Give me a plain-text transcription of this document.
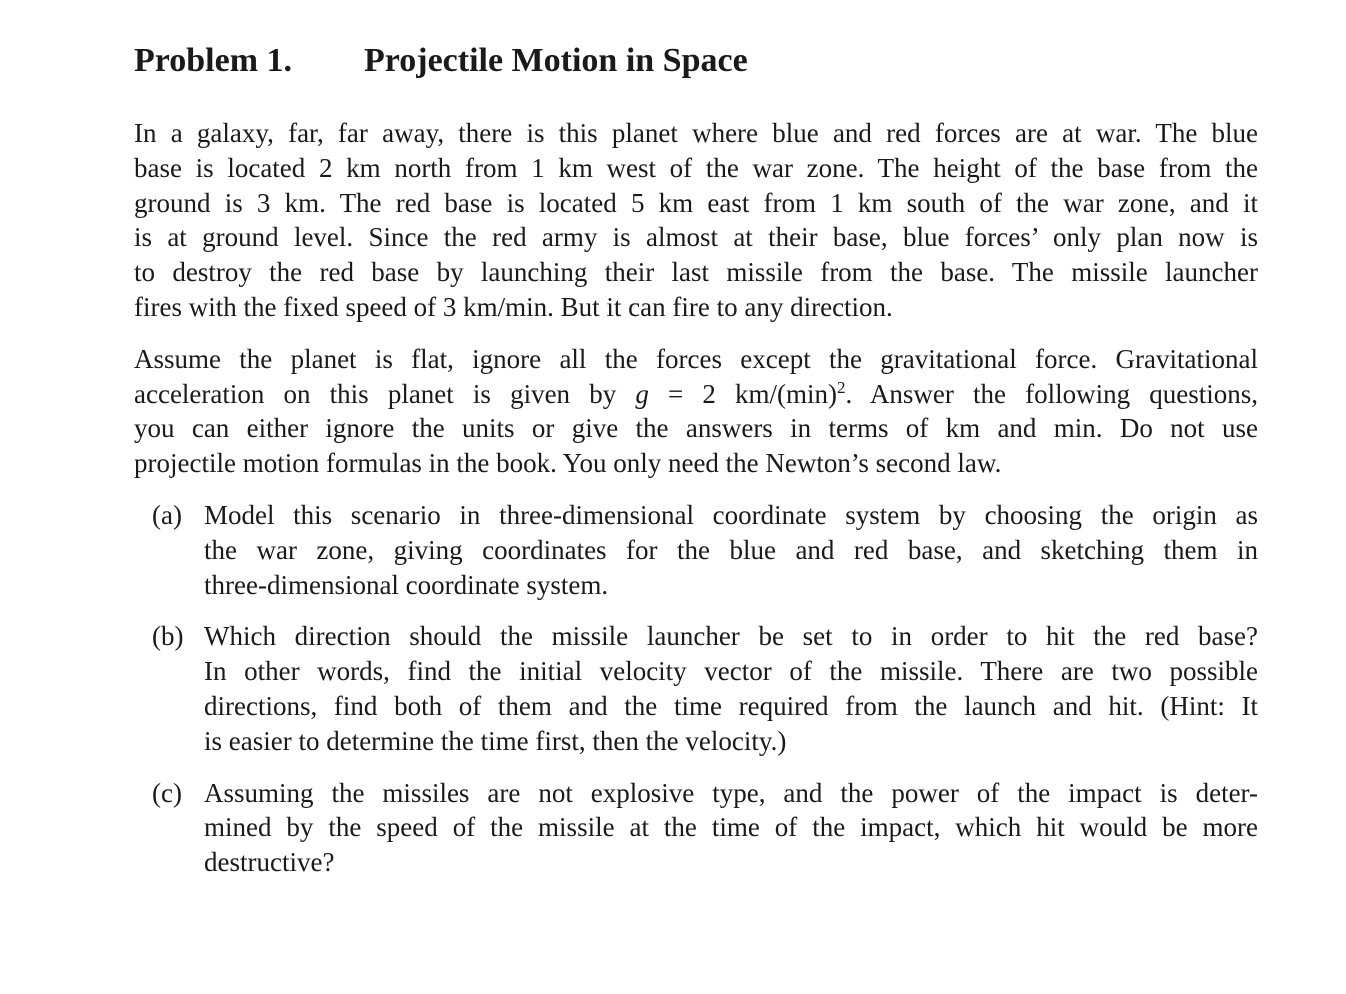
Problem 1. Projectile Motion in Space
In a galaxy, far, far away, there is this planet where blue and red forces are at war. The blue
base is located 2 km north from 1 km west of the war zone. The height of the base from the
ground is 3 km. The red base is located 5 km east from 1 km south of the war zone, and it
is at ground level. Since the red army is almost at their base, blue forces’ only plan now is
to destroy the red base by launching their last missile from the base. The missile launcher
fires with the fixed speed of 3 km/min. But it can fire to any direction.
Assume the planet is flat, ignore all the forces except the gravitational force. Gravitational
acceleration on this planet is given by g = 2 $km/(\min)^2$. Answer the following questions,
you can either ignore the units or give the answers in terms of km and min. Do not use
projectile motion formulas in the book. You only need the Newton’s second law.
(a) Model this scenario in three-dimensional coordinate system by choosing the origin as
the war zone, giving coordinates for the blue and red base, and sketching them in
three-dimensional coordinate system.
(b) Which direction should the missile launcher be set to in order to hit the red base?
In other words, find the initial velocity vector of the missile. There are two possible
directions, find both of them and the time required from the launch and hit. (Hint: It
is easier to determine the time first, then the velocity.)
(c) Assuming the missiles are not explosive type, and the power of the impact is deter-
mined by the speed of the missile at the time of the impact, which hit would be more
destructive?
